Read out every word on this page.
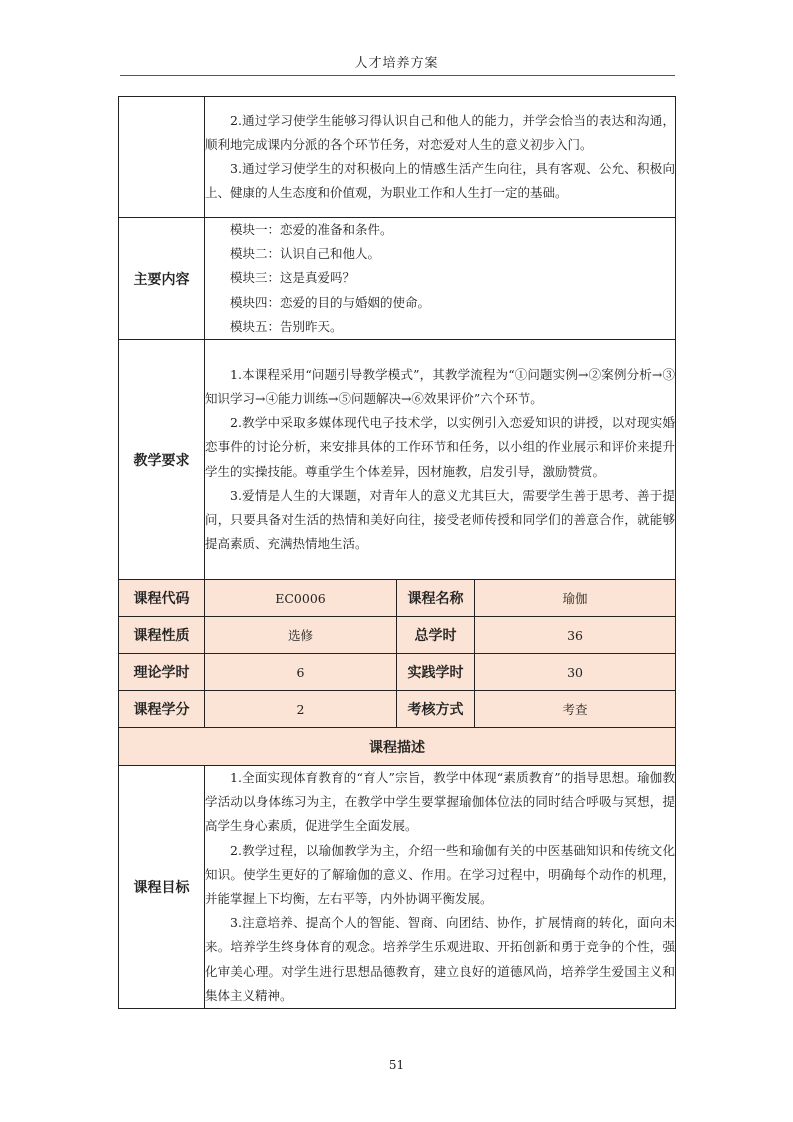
人才培养方案

	2.通过学习使学生能够习得认识自己和他人的能力，并学会恰当的表达和沟通，顺利地完成课内分派的各个环节任务，对恋爱对人生的意义初步入门。

3.通过学习使学生的对积极向上的情感生活产生向往，具有客观、公允、积极向上、健康的人生态度和价值观，为职业工作和人生打一定的基础。		

主要内容	模块一：恋爱的准备和条件。

模块二：认识自己和他人。

模块三：这是真爱吗？

模块四：恋爱的目的与婚姻的使命。

模块五：告别昨天。		

教学要求	1.本课程采用“问题引导教学模式”，其教学流程为“①问题实例→②案例分析→③知识学习→④能力训练→⑤问题解决→⑥效果评价”六个环节。

2.教学中采取多媒体现代电子技术学，以实例引入恋爱知识的讲授，以对现实婚恋事件的讨论分析，来安排具体的工作环节和任务，以小组的作业展示和评价来提升学生的实操技能。尊重学生个体差异，因材施教，启发引导，激励赞赏。

3.爱情是人生的大课题，对青年人的意义尤其巨大，需要学生善于思考、善于提问，只要具备对生活的热情和美好向往，接受老师传授和同学们的善意合作，就能够提高素质、充满热情地生活。		

课程代码	EC0006	课程名称	瑜伽
课程性质	选修	总学时	36
理论学时	6	实践学时	30
课程学分	2	考核方式	考查
课程描述			
课程目标	1.全面实现体育教育的“育人”宗旨，教学中体现“素质教育”的指导思想。瑜伽教学活动以身体练习为主，在教学中学生要掌握瑜伽体位法的同时结合呼吸与冥想，提高学生身心素质，促进学生全面发展。

2.教学过程，以瑜伽教学为主，介绍一些和瑜伽有关的中医基础知识和传统文化知识。使学生更好的了解瑜伽的意义、作用。在学习过程中，明确每个动作的机理，并能掌握上下均衡，左右平等，内外协调平衡发展。

3.注意培养、提高个人的智能、智商、向团结、协作，扩展情商的转化，面向未来。培养学生终身体育的观念。培养学生乐观进取、开拓创新和勇于竞争的个性，强化审美心理。对学生进行思想品德教育，建立良好的道德风尚，培养学生爱国主义和集体主义精神。		

51
